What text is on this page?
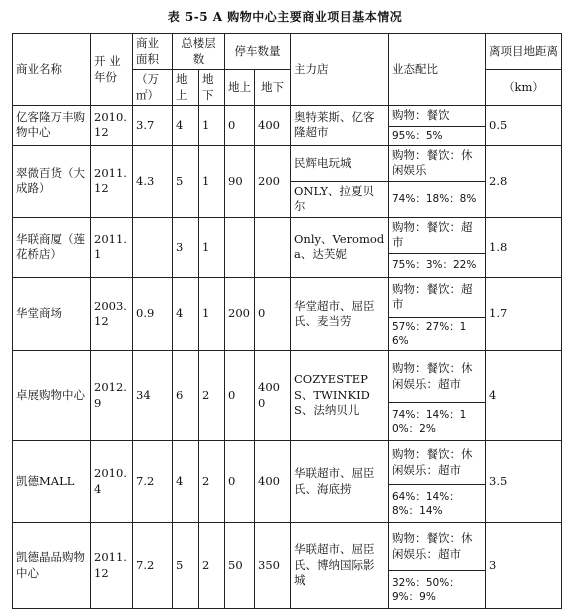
表 5-5 A 购物中心主要商业项目基本情况
商业名称	开 业 年份	商业面积	总楼层数		停车数量		主力店	业态配比	离项目地距离
		（万㎡）	地上	地下	地上	地下			（km）
亿客隆万丰购物中心	2010.12	3.7	4	1	0	400	奥特莱斯、亿客隆超市	购物：餐饮	0.5
								95%：5%	
翠微百货（大成路）	2011.12	4.3	5	1	90	200	民辉电玩城	购物：餐饮：休闲娱乐	2.8
							ONLY、拉夏贝尔	74%：18%：8%	
华联商厦（莲花桥店）	2011.1		3	1			Only、Veromoda、达芙妮	购物：餐饮：超市	1.8
								75%：3%：22%	
华堂商场	2003.12	0.9	4	1	200	0	华堂超市、屈臣氏、麦当劳	购物：餐饮：超市	1.7
								57%：27%：16%	
卓展购物中心	2012.9	34	6	2	0	4000	COZYESTEPS、TWINKIDS、法纳贝儿	购物：餐饮：休闲娱乐：超市	4
								74%：14%：10%：2%	
凯德MALL	2010.4	7.2	4	2	0	400	华联超市、屈臣氏、海底捞	购物：餐饮：休闲娱乐：超市	3.5
								64%：14%：8%：14%	
凯德晶品购物中心	2011.12	7.2	5	2	50	350	华联超市、屈臣氏、博纳国际影城	购物：餐饮：休闲娱乐：超市	3
								32%：50%：9%：9%	
